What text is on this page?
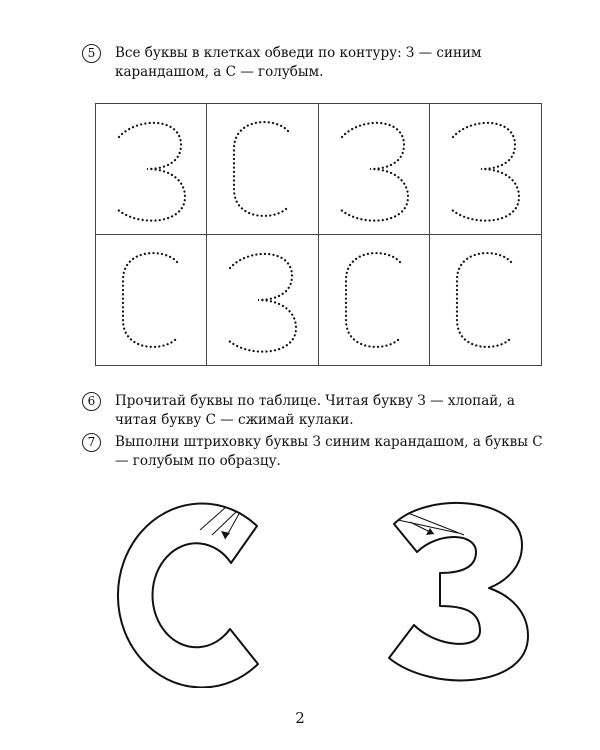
5	Все буквы в клетках обведи по контуру: З — синим карандашом, а С — голубым.
6	Прочитай буквы по таблице. Читая букву З — хлопай, а читая букву С — сжимай кулаки.
7	Выполни штриховку буквы З синим карандашом, а буквы С — голубым по образцу.
2
